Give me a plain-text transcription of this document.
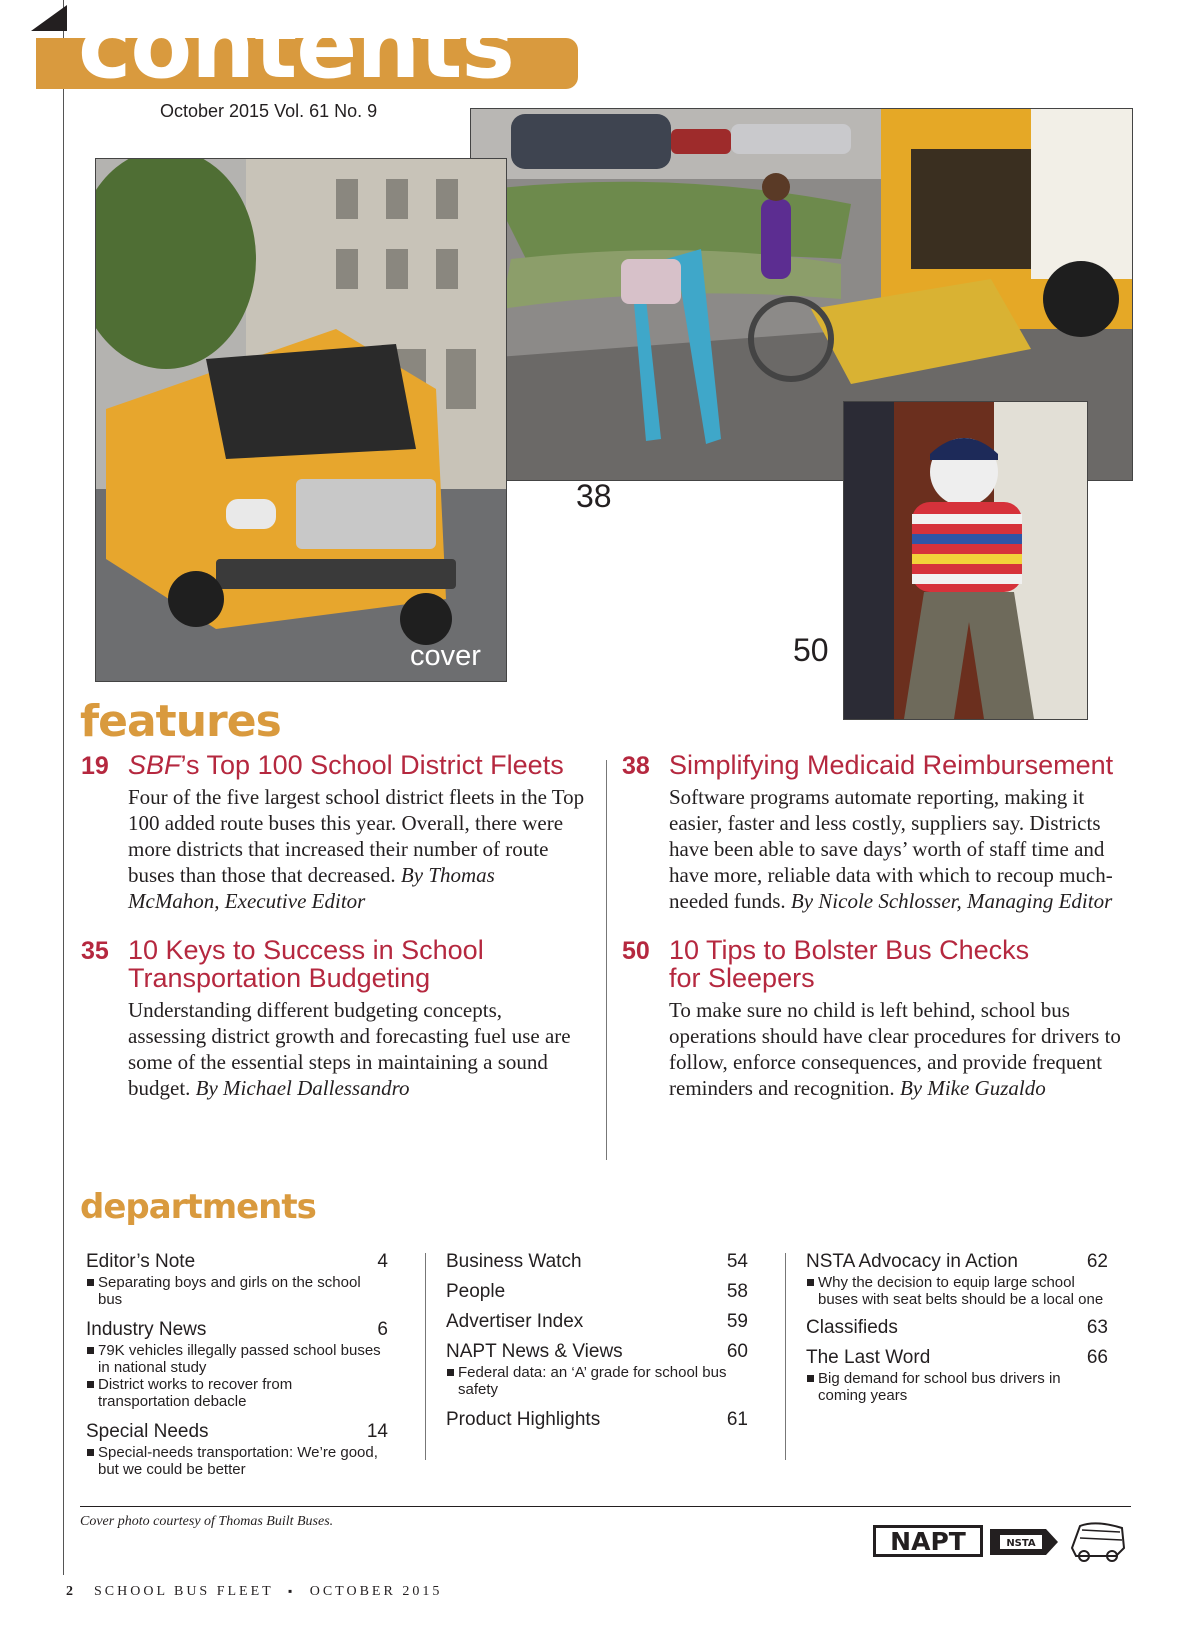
contents
October 2015 Vol. 61 No. 9
cover
38
50
features
19 SBF’s Top 100 School District Fleets
Four of the five largest school district fleets in the Top 100 added route buses this year. Overall, there were more districts that increased their number of route buses than those that decreased. By Thomas McMahon, Executive Editor
38 Simplifying Medicaid Reimbursement
Software programs automate reporting, making it easier, faster and less costly, suppliers say. Districts have been able to save days’ worth of staff time and have more, reliable data with which to recoup much-needed funds. By Nicole Schlosser, Managing Editor
35 10 Keys to Success in School Transportation Budgeting
Understanding different budgeting concepts, assessing district growth and forecasting fuel use are some of the essential steps in maintaining a sound budget. By Michael Dallessandro
50 10 Tips to Bolster Bus Checks for Sleepers
To make sure no child is left behind, school bus operations should have clear procedures for drivers to follow, enforce consequences, and provide frequent reminders and recognition. By Mike Guzaldo
departments
Editor’s Note	4
Separating boys and girls on the school bus
Industry News	6
79K vehicles illegally passed school buses in national study
District works to recover from transportation debacle
Special Needs	14
Special-needs transportation: We’re good, but we could be better
Business Watch	54
People	58
Advertiser Index	59
NAPT News & Views	60
Federal data: an ‘A’ grade for school bus safety
Product Highlights	61
NSTA Advocacy in Action	62
Why the decision to equip large school buses with seat belts should be a local one
Classifieds	63
The Last Word	66
Big demand for school bus drivers in coming years
Cover photo courtesy of Thomas Built Buses.
NAPT	NSTA
2 SCHOOL BUS FLEET ▪ OCTOBER 2015
